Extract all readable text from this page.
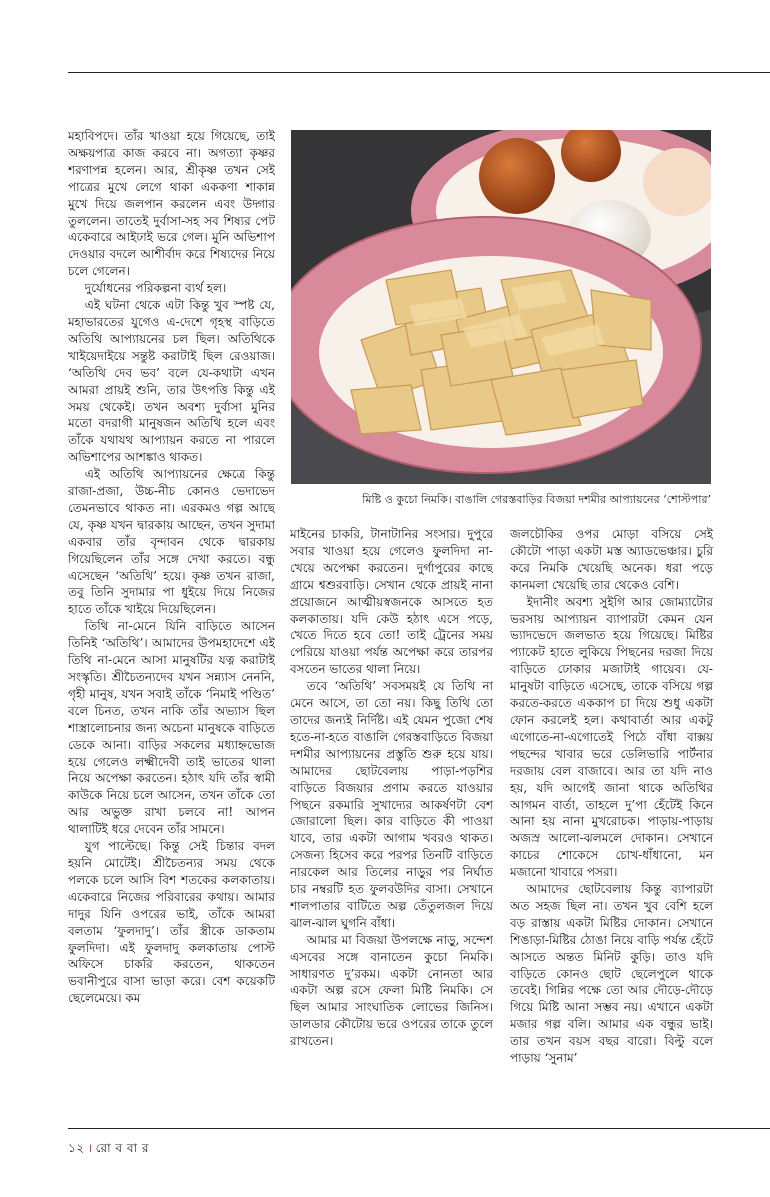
মহাবিপদে। তাঁর খাওয়া হয়ে গিয়েছে, তাই অক্ষয়পাত্র কাজ করবে না। অগত্যা কৃষ্ণর শরণাপন্ন হলেন। আর, শ্রীকৃষ্ণ তখন সেই পাত্রের মুখে লেগে থাকা এককণা শাকান্ন মুখে দিয়ে জলপান করলেন এবং উদ্গার তুললেন। তাতেই দুর্বাসা-সহ সব শিষ্যর পেট একেবারে আইঢাই ভরে গেল। মুনি অভিশাপ দেওয়ার বদলে আশীর্বাদ করে শিষ্যদের নিয়ে চলে গেলেন।

দুর্যোধনের পরিকল্পনা ব্যর্থ হল।

এই ঘটনা থেকে এটা কিন্তু খুব স্পষ্ট যে, মহাভারতের যুগেও এ-দেশে গৃহস্থ বাড়িতে অতিথি আপ্যায়নের চল ছিল। অতিথিকে খাইয়েদাইয়ে সন্তুষ্ট করাটাই ছিল রেওয়াজ। ‘অতিথি দেব ভব’ বলে যে-কথাটা এখন আমরা প্রায়ই শুনি, তার উৎপত্তি কিন্তু এই সময় থেকেই। তখন অবশ্য দুর্বাসা মুনির মতো বদরাগী মানুষজন অতিথি হলে এবং তাঁকে যথাযথ আপ্যায়ন করতে না পারলে অভিশাপের আশঙ্কাও থাকত।

এই অতিথি আপ্যায়নের ক্ষেত্রে কিন্তু রাজা-প্রজা, উচ্চ-নীচ কোনও ভেদাভেদ তেমনভাবে থাকত না। এরকমও গল্প আছে যে, কৃষ্ণ যখন দ্বারকায় আছেন, তখন সুদামা একবার তাঁর বৃন্দাবন থেকে দ্বারকায় গিয়েছিলেন তাঁর সঙ্গে দেখা করতে। বন্ধু এসেছেন ‘অতিথি’ হয়ে। কৃষ্ণ তখন রাজা, তবু তিনি সুদামার পা ধুইয়ে দিয়ে নিজের হাতে তাঁকে খাইয়ে দিয়েছিলেন।

তিথি না-মেনে যিনি বাড়িতে আসেন তিনিই ‘অতিথি’। আমাদের উপমহাদেশে এই তিথি না-মেনে আসা মানুষটির যত্ন করাটাই সংস্কৃতি। শ্রীচৈতন্যদেব যখন সন্ন্যাস নেননি, গৃহী মানুষ, যখন সবাই তাঁকে ‘নিমাই পণ্ডিত’ বলে চিনত, তখন নাকি তাঁর অভ্যাস ছিল শাস্ত্রালোচনার জন্য অচেনা মানুষকে বাড়িতে ডেকে আনা। বাড়ির সকলের মধ্যাহ্নভোজ হয়ে গেলেও লক্ষ্মীদেবী তাই ভাতের থালা নিয়ে অপেক্ষা করতেন। হঠাৎ যদি তাঁর স্বামী কাউকে নিয়ে চলে আসেন, তখন তাঁকে তো আর অভুক্ত রাখা চলবে না! আপন থালাটিই ধরে দেবেন তাঁর সামনে।

যুগ পাল্টেছে। কিন্তু সেই চিন্তার বদল হয়নি মোটেই। শ্রীচৈতন্যর সময় থেকে পলকে চলে আসি বিশ শতকের কলকাতায়। একেবারে নিজের পরিবারের কথায়। আমার দাদুর যিনি ওপরের ভাই, তাঁকে আমরা বলতাম ‘ফুলদাদু’। তাঁর স্ত্রীকে ডাকতাম ফুলদিদা। এই ফুলদাদু কলকাতায় পোস্ট অফিসে চাকরি করতেন, থাকতেন ভবানীপুরে বাসা ভাড়া করে। বেশ কয়েকটি ছেলেমেয়ে। কম

মিষ্টি ও কুচো নিমকি। বাঙালি গেরস্তবাড়ির বিজয়া দশমীর আপ্যায়নের ‘শোস্টপার’

মাইনের চাকরি, টানাটানির সংসার। দুপুরে সবার খাওয়া হয়ে গেলেও ফুলদিদা না-খেয়ে অপেক্ষা করতেন। দুর্গাপুরের কাছে গ্রামে শ্বশুরবাড়ি। সেখান থেকে প্রায়ই নানা প্রয়োজনে আত্মীয়স্বজনকে আসতে হত কলকাতায়। যদি কেউ হঠাৎ এসে পড়ে, খেতে দিতে হবে তো! তাই ট্রেনের সময় পেরিয়ে যাওয়া পর্যন্ত অপেক্ষা করে তারপর বসতেন ভাতের থালা নিয়ে।

তবে ‘অতিথি’ সবসময়ই যে তিথি না মেনে আসে, তা তো নয়। কিছু তিথি তো তাদের জন্যই নির্দিষ্ট। এই যেমন পুজো শেষ হতে-না-হতে বাঙালি গেরস্তবাড়িতে বিজয়া দশমীর আপ্যায়নের প্রস্তুতি শুরু হয়ে যায়। আমাদের ছোটবেলায় পাড়া-পড়শির বাড়িতে বিজয়ার প্রণাম করতে যাওয়ার পিছনে রকমারি সুখাদ্যের আকর্ষণটা বেশ জোরালো ছিল। কার বাড়িতে কী পাওয়া যাবে, তার একটা আগাম খবরও থাকত। সেজন্য হিসেব করে পরপর তিনটি বাড়িতে নারকেল আর তিলের নাড়ুর পর নির্ঘাত চার নম্বরটি হত ফুলবউদির বাসা। সেখানে শালপাতার বাটিতে অল্প তেঁতুলজল দিয়ে ঝাল-ঝাল ঘুগনি বাঁধা।

আমার মা বিজয়া উপলক্ষে নাড়ু, সন্দেশ এসবের সঙ্গে বানাতেন কুচো নিমকি। সাধারণত দু’রকম। একটা নোনতা আর একটা অল্প রসে ফেলা মিষ্টি নিমকি। সে ছিল আমার সাংঘাতিক লোভের জিনিস। ডালডার কৌটোয় ভরে ওপরের তাকে তুলে রাখতেন।

জলচৌকির ওপর মোড়া বসিয়ে সেই কৌটো পাড়া একটা মস্ত অ্যাডভেঞ্চার। চুরি করে নিমকি খেয়েছি অনেক। ধরা পড়ে কানমলা খেয়েছি তার থেকেও বেশি।

ইদানীং অবশ্য সুইগি আর জোম্যাটোর ভরসায় আপ্যায়ন ব্যাপারটা কেমন যেন ভ্যাদভেদে জলভাত হয়ে গিয়েছে। মিষ্টির প্যাকেট হাতে লুকিয়ে পিছনের দরজা দিয়ে বাড়িতে ঢোকার মজাটাই গায়েব। যে-মানুষটা বাড়িতে এসেছে, তাকে বসিয়ে গল্প করতে-করতে এককাপ চা দিয়ে শুধু একটা ফোন করলেই হল। কথাবার্তা আর একটু এগোতে-না-এগোতেই পিঠে বাঁধা বাক্সয় পছন্দের খাবার ভরে ডেলিভারি পার্টনার দরজায় বেল বাজাবে। আর তা যদি নাও হয়, যদি আগেই জানা থাকে অতিথির আগমন বার্তা, তাহলে দু’পা হেঁটেই কিনে আনা হয় নানা মুখরোচক। পাড়ায়-পাড়ায় অজস্র আলো-ঝলমলে দোকান। সেখানে কাচের শোকেসে চোখ-ধাঁধানো, মন মজানো খাবারে পসরা।

আমাদের ছোটবেলায় কিন্তু ব্যাপারটা অত সহজ ছিল না। তখন খুব বেশি হলে বড় রাস্তায় একটা মিষ্টির দোকান। সেখানে শিঙাড়া-মিষ্টির ঠোঙা নিয়ে বাড়ি পর্যন্ত হেঁটে আসতে অন্তত মিনিট কুড়ি। তাও যদি বাড়িতে কোনও ছোট ছেলেপুলে থাকে তবেই। গিন্নির পক্ষে তো আর দৌড়ে-দৌড়ে গিয়ে মিষ্টি আনা সম্ভব নয়। এখানে একটা মজার গল্প বলি। আমার এক বন্ধুর ভাই। তার তখন বয়স বছর বারো। বিল্টু বলে পাড়ায় ‘সুনাম’

১২ । রো ব বা র
